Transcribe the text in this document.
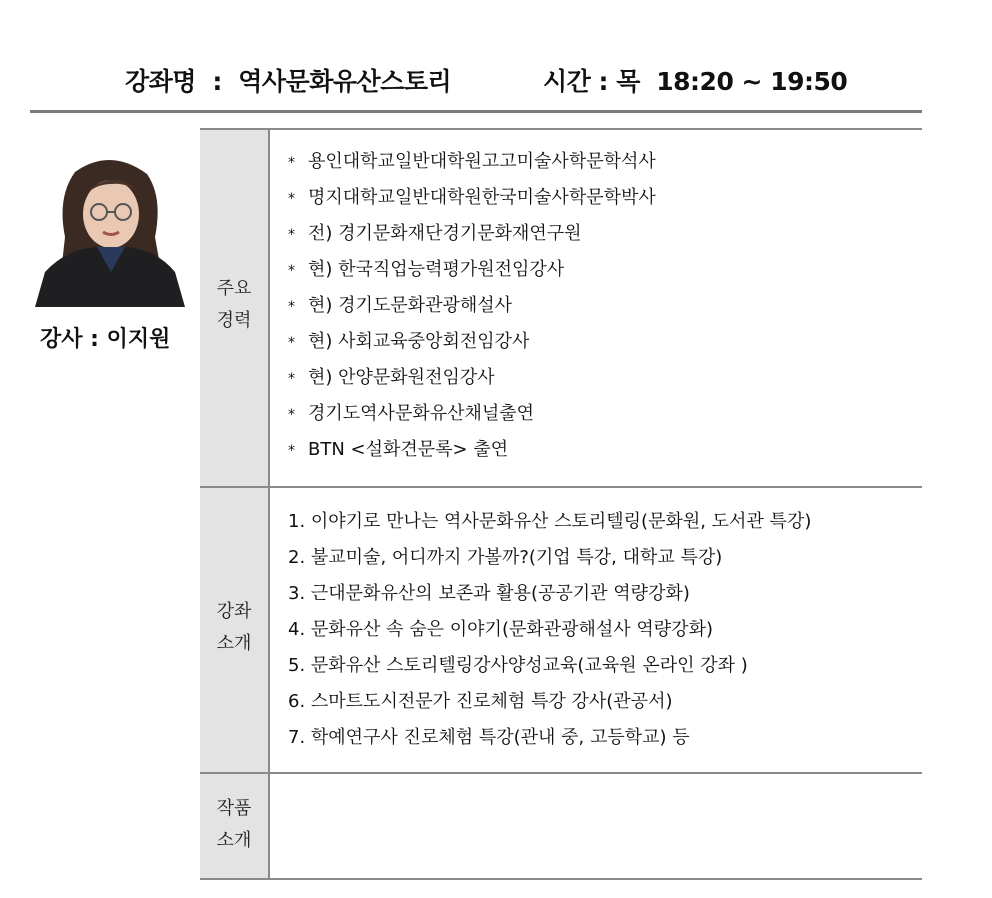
강좌명  :  역사문화유산스토리	시간 : 목  18:20 ~ 19:50
강사 : 이지원
주요
경력
강좌
소개
작품
소개
* 용인대학교일반대학원고고미술사학문학석사
* 명지대학교일반대학원한국미술사학문학박사
* 전) 경기문화재단경기문화재연구원
* 현) 한국직업능력평가원전임강사
* 현) 경기도문화관광해설사
* 현) 사회교육중앙회전임강사
* 현) 안양문화원전임강사
* 경기도역사문화유산채널출연
* BTN <설화견문록> 출연
1. 이야기로 만나는 역사문화유산 스토리텔링(문화원, 도서관 특강)
2. 불교미술, 어디까지 가볼까?(기업 특강, 대학교 특강)
3. 근대문화유산의 보존과 활용(공공기관 역량강화)
4. 문화유산 속 숨은 이야기(문화관광해설사 역량강화)
5. 문화유산 스토리텔링강사양성교육(교육원 온라인 강좌 )
6. 스마트도시전문가 진로체험 특강 강사(관공서)
7. 학예연구사 진로체험 특강(관내 중, 고등학교) 등
